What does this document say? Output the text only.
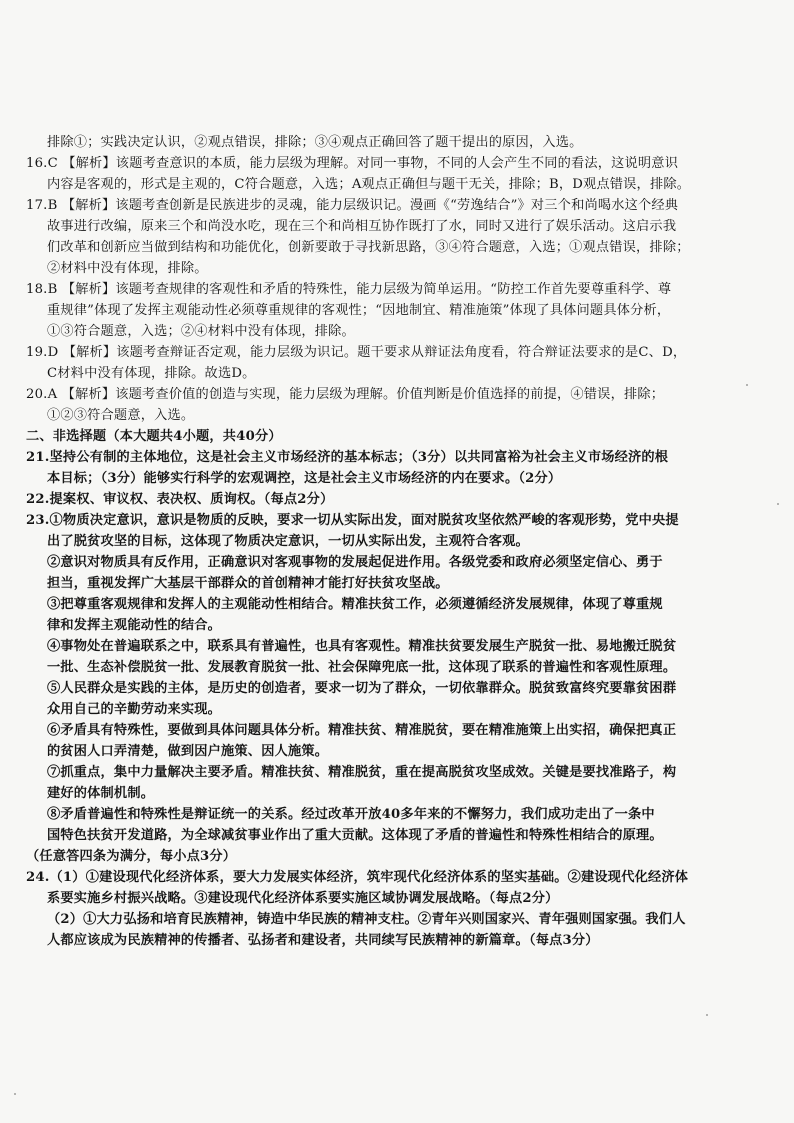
排除①；实践决定认识，②观点错误，排除；③④观点正确回答了题干提出的原因，入选。
16.C 【解析】该题考查意识的本质，能力层级为理解。对同一事物，不同的人会产生不同的看法，这说明意识
内容是客观的，形式是主观的，C符合题意，入选；A观点正确但与题干无关，排除；B，D观点错误，排除。
17.B 【解析】该题考查创新是民族进步的灵魂，能力层级识记。漫画《“劳逸结合”》对三个和尚喝水这个经典
故事进行改编，原来三个和尚没水吃，现在三个和尚相互协作既打了水，同时又进行了娱乐活动。这启示我
们改革和创新应当做到结构和功能优化，创新要敢于寻找新思路，③④符合题意，入选；①观点错误，排除；
②材料中没有体现，排除。
18.B 【解析】该题考查规律的客观性和矛盾的特殊性，能力层级为简单运用。“防控工作首先要尊重科学、尊
重规律”体现了发挥主观能动性必须尊重规律的客观性；“因地制宜、精准施策”体现了具体问题具体分析，
①③符合题意，入选；②④材料中没有体现，排除。
19.D 【解析】该题考查辩证否定观，能力层级为识记。题干要求从辩证法角度看，符合辩证法要求的是C、D，
C材料中没有体现，排除。故选D。
20.A 【解析】该题考查价值的创造与实现，能力层级为理解。价值判断是价值选择的前提，④错误，排除；
①②③符合题意，入选。
二、非选择题（本大题共4小题，共40分）
21.坚持公有制的主体地位，这是社会主义市场经济的基本标志；（3分）以共同富裕为社会主义市场经济的根
本目标；（3分）能够实行科学的宏观调控，这是社会主义市场经济的内在要求。（2分）
22.提案权、审议权、表决权、质询权。（每点2分）
23.①物质决定意识，意识是物质的反映，要求一切从实际出发，面对脱贫攻坚依然严峻的客观形势，党中央提
出了脱贫攻坚的目标，这体现了物质决定意识，一切从实际出发，主观符合客观。
②意识对物质具有反作用，正确意识对客观事物的发展起促进作用。各级党委和政府必须坚定信心、勇于
担当，重视发挥广大基层干部群众的首创精神才能打好扶贫攻坚战。
③把尊重客观规律和发挥人的主观能动性相结合。精准扶贫工作，必须遵循经济发展规律，体现了尊重规
律和发挥主观能动性的结合。
④事物处在普遍联系之中，联系具有普遍性，也具有客观性。精准扶贫要发展生产脱贫一批、易地搬迁脱贫
一批、生态补偿脱贫一批、发展教育脱贫一批、社会保障兜底一批，这体现了联系的普遍性和客观性原理。
⑤人民群众是实践的主体，是历史的创造者，要求一切为了群众，一切依靠群众。脱贫致富终究要靠贫困群
众用自己的辛勤劳动来实现。
⑥矛盾具有特殊性，要做到具体问题具体分析。精准扶贫、精准脱贫，要在精准施策上出实招，确保把真正
的贫困人口弄清楚，做到因户施策、因人施策。
⑦抓重点，集中力量解决主要矛盾。精准扶贫、精准脱贫，重在提高脱贫攻坚成效。关键是要找准路子，构
建好的体制机制。
⑧矛盾普遍性和特殊性是辩证统一的关系。经过改革开放40多年来的不懈努力，我们成功走出了一条中
国特色扶贫开发道路，为全球减贫事业作出了重大贡献。这体现了矛盾的普遍性和特殊性相结合的原理。
（任意答四条为满分，每小点3分）
24.（1）①建设现代化经济体系，要大力发展实体经济，筑牢现代化经济体系的坚实基础。②建设现代化经济体
系要实施乡村振兴战略。③建设现代化经济体系要实施区域协调发展战略。（每点2分）
（2）①大力弘扬和培育民族精神，铸造中华民族的精神支柱。②青年兴则国家兴、青年强则国家强。我们人
人都应该成为民族精神的传播者、弘扬者和建设者，共同续写民族精神的新篇章。（每点3分）
